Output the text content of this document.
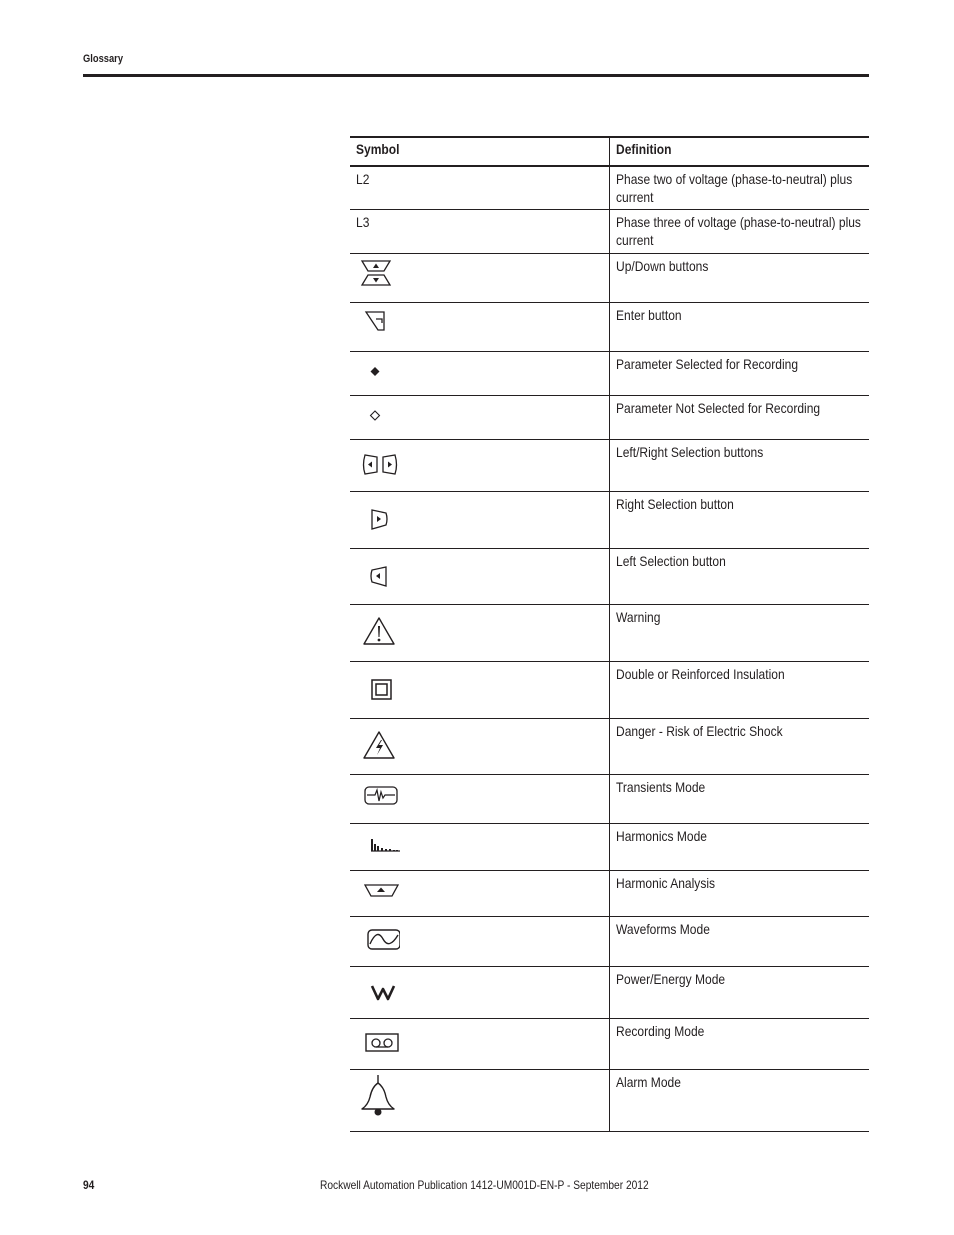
Glossary
Symbol	Definition
L2	Phase two of voltage (phase-to-neutral) plus current

L3	Phase three of voltage (phase-to-neutral) plus current

	Up/Down buttons

	Enter button

	Parameter Selected for Recording

	Parameter Not Selected for Recording

	Left/Right Selection buttons

	Right Selection button

	Left Selection button

	Warning

	Double or Reinforced Insulation

	Danger - Risk of Electric Shock

	Transients Mode

	Harmonics Mode

	Harmonic Analysis

	Waveforms Mode

	Power/Energy Mode

	Recording Mode

	Alarm Mode
94	Rockwell Automation Publication 1412-UM001D-EN-P - September 2012
